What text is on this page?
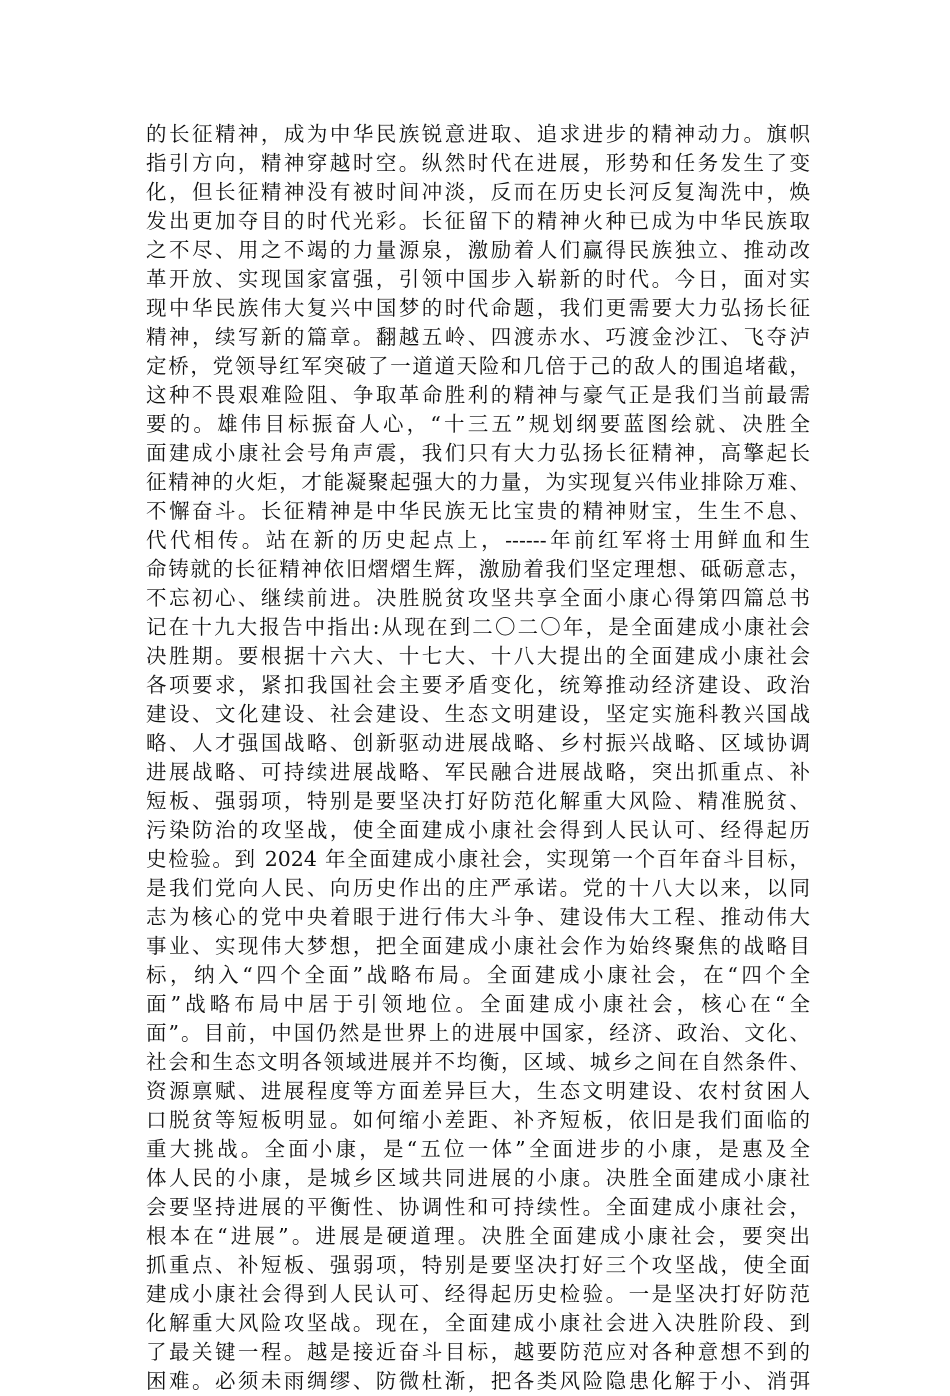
的长征精神，成为中华民族锐意进取、追求进步的精神动力。旗帜
指引方向，精神穿越时空。纵然时代在进展，形势和任务发生了变
化，但长征精神没有被时间冲淡，反而在历史长河反复淘洗中，焕
发出更加夺目的时代光彩。长征留下的精神火种已成为中华民族取
之不尽、用之不竭的力量源泉，激励着人们赢得民族独立、推动改
革开放、实现国家富强，引领中国步入崭新的时代。今日，面对实
现中华民族伟大复兴中国梦的时代命题，我们更需要大力弘扬长征
精神，续写新的篇章。翻越五岭、四渡赤水、巧渡金沙江、飞夺泸
定桥，党领导红军突破了一道道天险和几倍于己的敌人的围追堵截，
这种不畏艰难险阻、争取革命胜利的精神与豪气正是我们当前最需
要的。雄伟目标振奋人心，“十三五”规划纲要蓝图绘就、决胜全
面建成小康社会号角声震，我们只有大力弘扬长征精神，高擎起长
征精神的火炬，才能凝聚起强大的力量，为实现复兴伟业排除万难、
不懈奋斗。长征精神是中华民族无比宝贵的精神财宝，生生不息、
代代相传。站在新的历史起点上，------年前红军将士用鲜血和生
命铸就的长征精神依旧熠熠生辉，激励着我们坚定理想、砥砺意志，
不忘初心、继续前进。决胜脱贫攻坚共享全面小康心得第四篇总书
记在十九大报告中指出:从现在到二〇二〇年，是全面建成小康社会
决胜期。要根据十六大、十七大、十八大提出的全面建成小康社会
各项要求，紧扣我国社会主要矛盾变化，统筹推动经济建设、政治
建设、文化建设、社会建设、生态文明建设，坚定实施科教兴国战
略、人才强国战略、创新驱动进展战略、乡村振兴战略、区域协调
进展战略、可持续进展战略、军民融合进展战略，突出抓重点、补
短板、强弱项，特别是要坚决打好防范化解重大风险、精准脱贫、
污染防治的攻坚战，使全面建成小康社会得到人民认可、经得起历
史检验。到 2024 年全面建成小康社会，实现第一个百年奋斗目标，
是我们党向人民、向历史作出的庄严承诺。党的十八大以来，以同
志为核心的党中央着眼于进行伟大斗争、建设伟大工程、推动伟大
事业、实现伟大梦想，把全面建成小康社会作为始终聚焦的战略目
标，纳入“四个全面”战略布局。全面建成小康社会，在“四个全
面”战略布局中居于引领地位。全面建成小康社会，核心在“全
面”。目前，中国仍然是世界上的进展中国家，经济、政治、文化、
社会和生态文明各领域进展并不均衡，区域、城乡之间在自然条件、
资源禀赋、进展程度等方面差异巨大，生态文明建设、农村贫困人
口脱贫等短板明显。如何缩小差距、补齐短板，依旧是我们面临的
重大挑战。全面小康，是“五位一体”全面进步的小康，是惠及全
体人民的小康，是城乡区域共同进展的小康。决胜全面建成小康社
会要坚持进展的平衡性、协调性和可持续性。全面建成小康社会，
根本在“进展”。进展是硬道理。决胜全面建成小康社会，要突出
抓重点、补短板、强弱项，特别是要坚决打好三个攻坚战，使全面
建成小康社会得到人民认可、经得起历史检验。一是坚决打好防范
化解重大风险攻坚战。现在，全面建成小康社会进入决胜阶段、到
了最关键一程。越是接近奋斗目标，越要防范应对各种意想不到的
困难。必须未雨绸缪、防微杜渐，把各类风险隐患化解于小、消弭
